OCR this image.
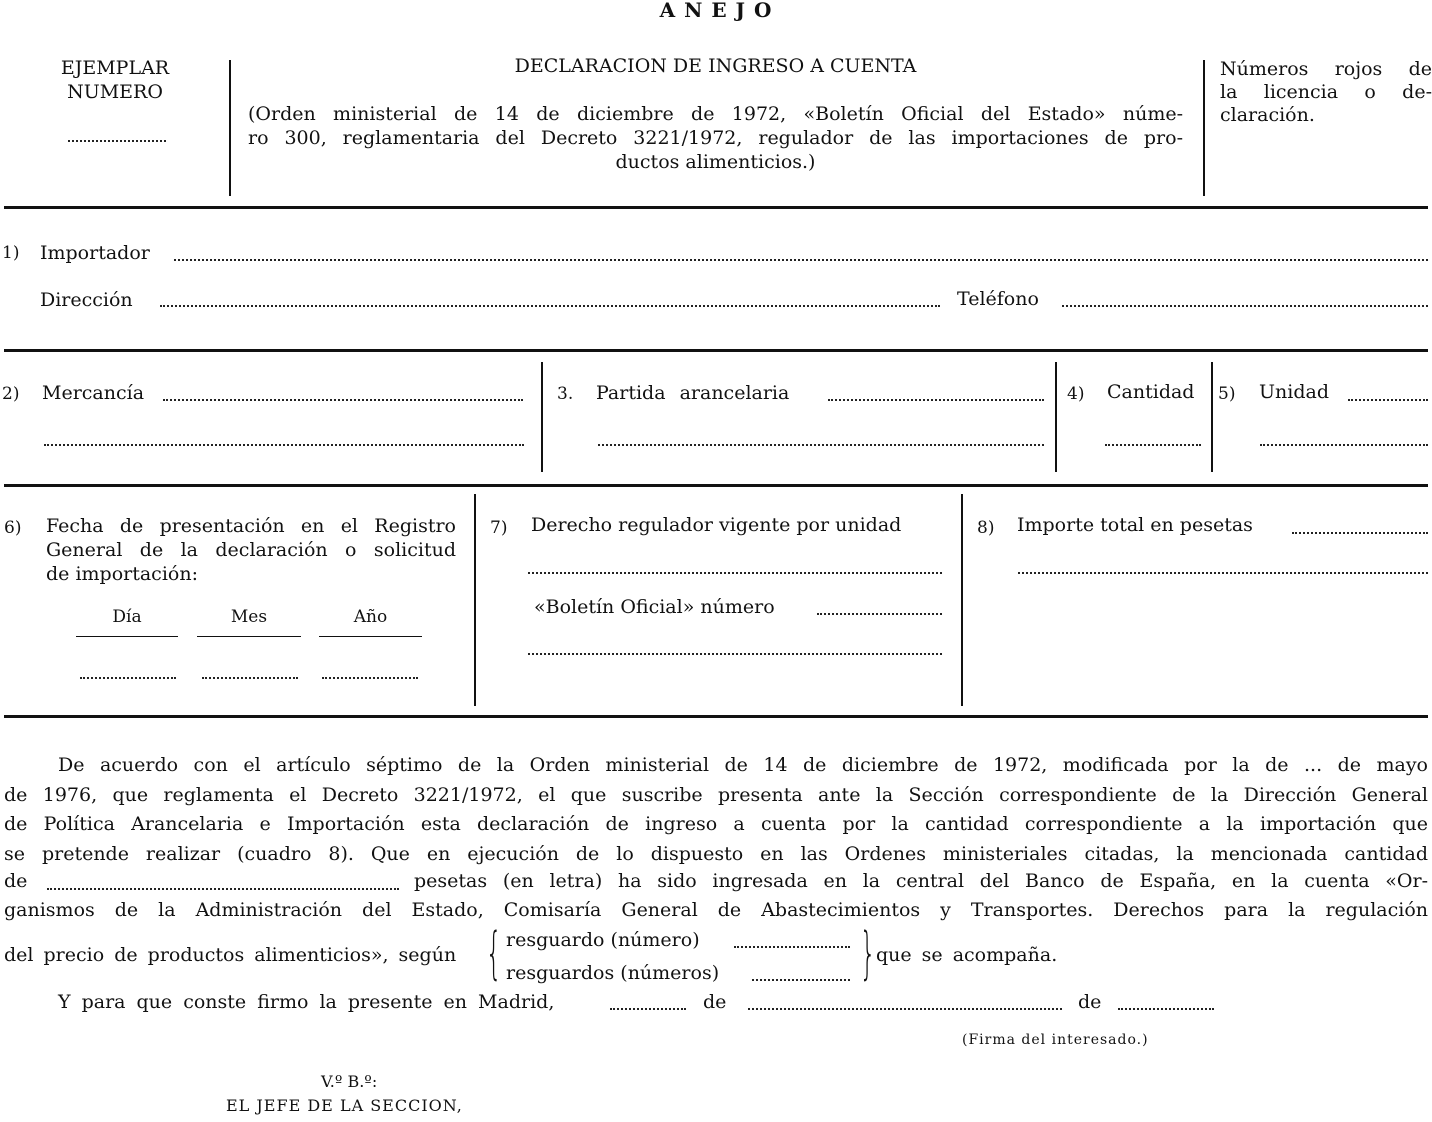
A N E J O
EJEMPLAR
NUMERO
DECLARACION DE INGRESO A CUENTA
(Orden ministerial de 14 de diciembre de 1972, «Boletín Oficial del Estado» núme-
ro 300, reglamentaria del Decreto 3221/1972, regulador de las importaciones de pro-
ductos alimenticios.)
Números rojos de
la licencia o de-
claración.
1) Importador
Dirección	Teléfono
2) Mercancía	3. Partida arancelaria	4) Cantidad 5) Unidad
6) Fecha de presentación en el Registro
General de la declaración o solicitud
de importación:
Día	Mes	Año
7) Derecho regulador vigente por unidad
«Boletín Oficial» número
8) Importe total en pesetas
De acuerdo con el artículo séptimo de la Orden ministerial de 14 de diciembre de 1972, modificada por la de ... de mayo
de 1976, que reglamenta el Decreto 3221/1972, el que suscribe presenta ante la Sección correspondiente de la Dirección General
de Política Arancelaria e Importación esta declaración de ingreso a cuenta por la cantidad correspondiente a la importación que
se pretende realizar (cuadro 8). Que en ejecución de lo dispuesto en las Ordenes ministeriales citadas, la mencionada cantidad
de	pesetas (en letra) ha sido ingresada en la central del Banco de España, en la cuenta «Or-
ganismos de la Administración del Estado, Comisaría General de Abastecimientos y Transportes. Derechos para la regulación
del precio de productos alimenticios», según { resguardo (número)
resguardos (números)	} que se acompaña.
Y para que conste firmo la presente en Madrid,	de	de
(Firma del interesado.)
V.º B.º:
EL JEFE DE LA SECCION,
